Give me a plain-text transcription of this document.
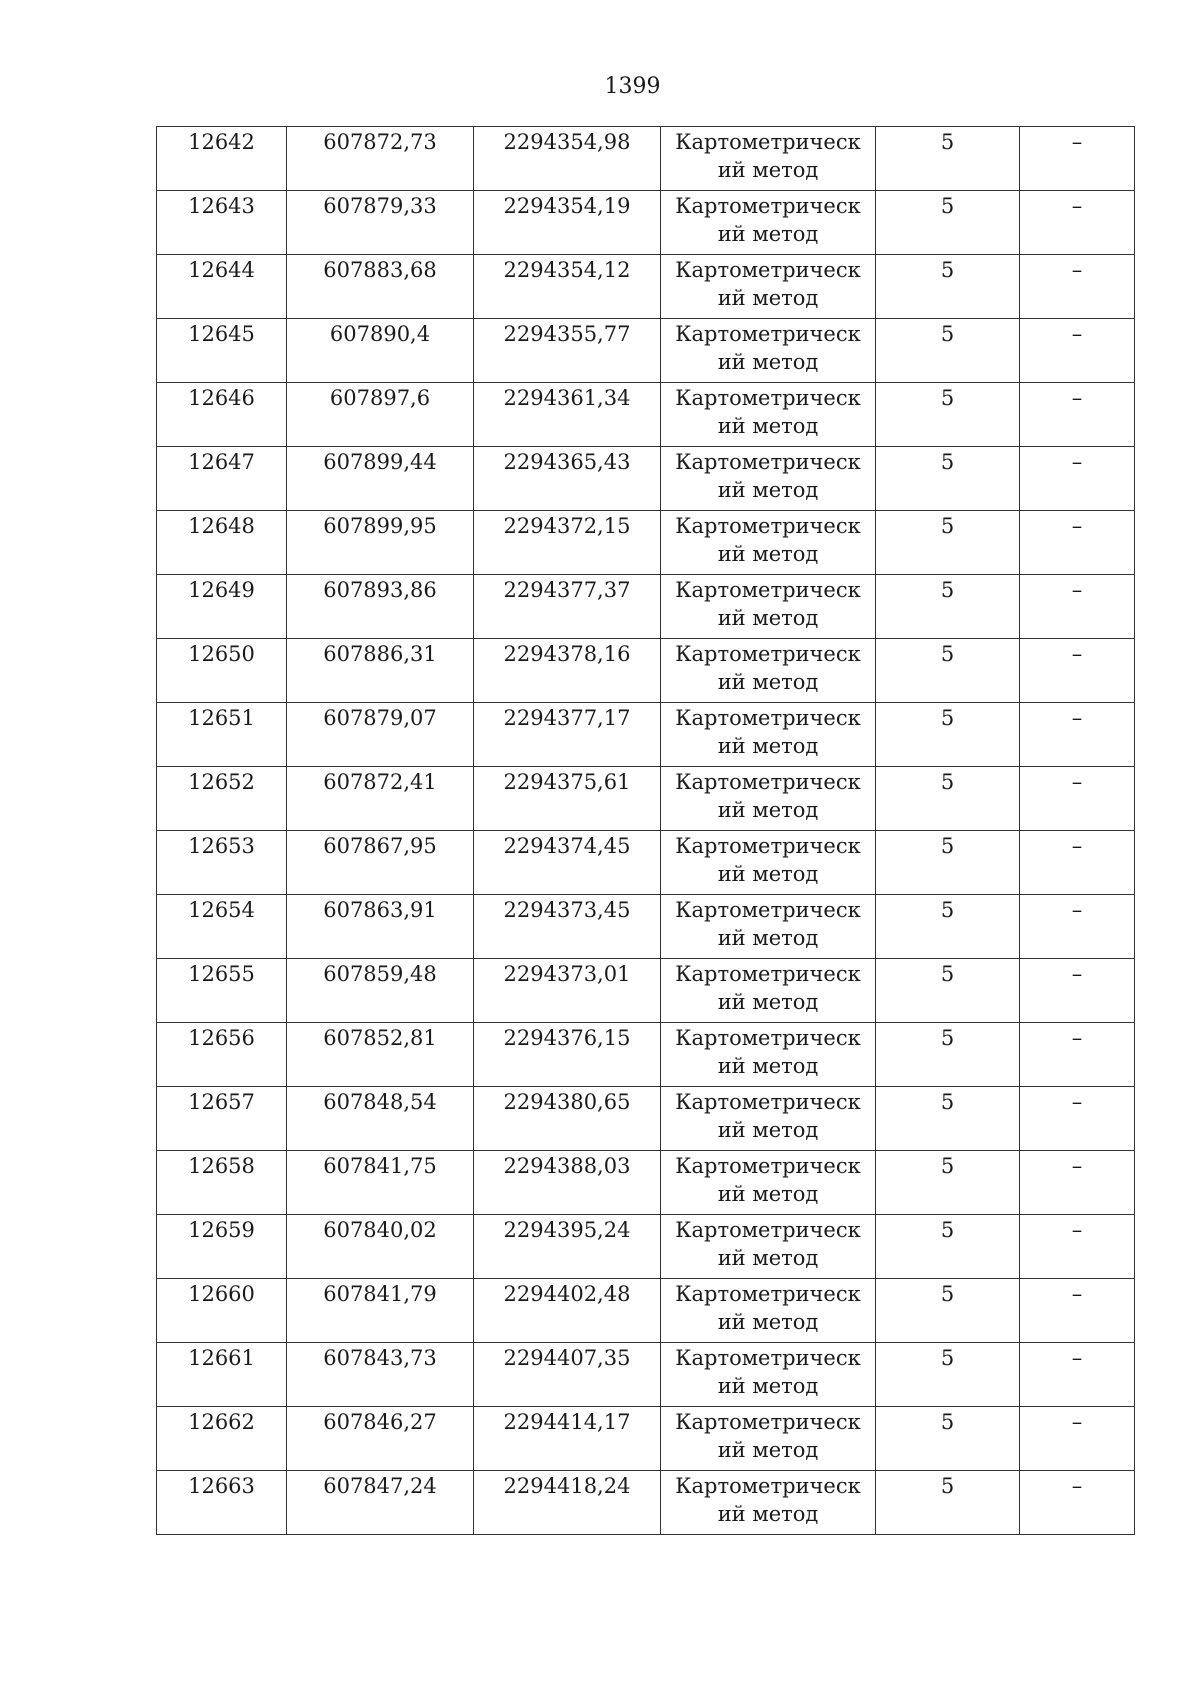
1399
12642	607872,73	2294354,98	Картометрический метод	5	–
12643	607879,33	2294354,19	Картометрический метод	5	–
12644	607883,68	2294354,12	Картометрический метод	5	–
12645	607890,4	2294355,77	Картометрический метод	5	–
12646	607897,6	2294361,34	Картометрический метод	5	–
12647	607899,44	2294365,43	Картометрический метод	5	–
12648	607899,95	2294372,15	Картометрический метод	5	–
12649	607893,86	2294377,37	Картометрический метод	5	–
12650	607886,31	2294378,16	Картометрический метод	5	–
12651	607879,07	2294377,17	Картометрический метод	5	–
12652	607872,41	2294375,61	Картометрический метод	5	–
12653	607867,95	2294374,45	Картометрический метод	5	–
12654	607863,91	2294373,45	Картометрический метод	5	–
12655	607859,48	2294373,01	Картометрический метод	5	–
12656	607852,81	2294376,15	Картометрический метод	5	–
12657	607848,54	2294380,65	Картометрический метод	5	–
12658	607841,75	2294388,03	Картометрический метод	5	–
12659	607840,02	2294395,24	Картометрический метод	5	–
12660	607841,79	2294402,48	Картометрический метод	5	–
12661	607843,73	2294407,35	Картометрический метод	5	–
12662	607846,27	2294414,17	Картометрический метод	5	–
12663	607847,24	2294418,24	Картометрический метод	5	–
